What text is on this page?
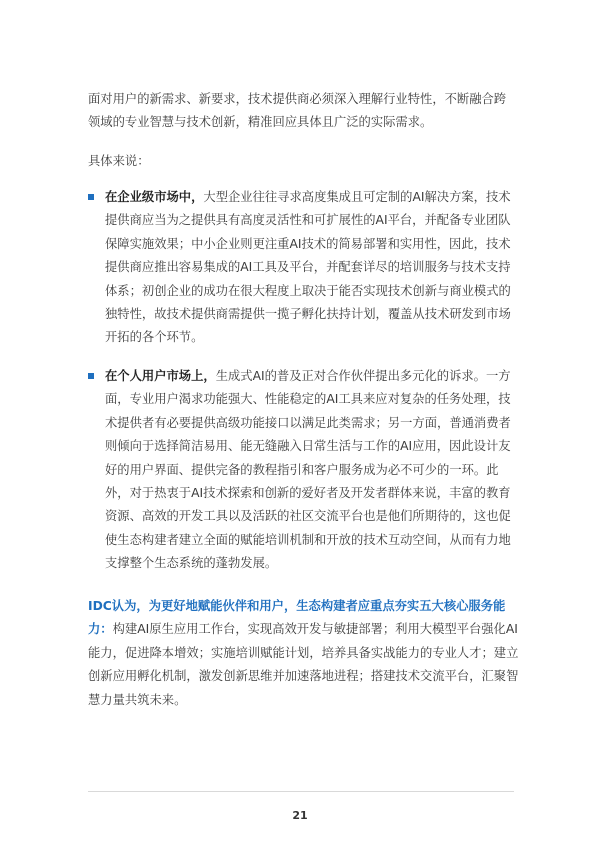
面对用户的新需求、新要求，技术提供商必须深入理解行业特性，不断融合跨领域的专业智慧与技术创新，精准回应具体且广泛的实际需求。

具体来说：

在企业级市场中，大型企业往往寻求高度集成且可定制的AI解决方案，技术提供商应当为之提供具有高度灵活性和可扩展性的AI平台，并配备专业团队保障实施效果；中小企业则更注重AI技术的简易部署和实用性，因此，技术提供商应推出容易集成的AI工具及平台，并配套详尽的培训服务与技术支持体系；初创企业的成功在很大程度上取决于能否实现技术创新与商业模式的独特性，故技术提供商需提供一揽子孵化扶持计划，覆盖从技术研发到市场开拓的各个环节。

在个人用户市场上，生成式AI的普及正对合作伙伴提出多元化的诉求。一方面，专业用户渴求功能强大、性能稳定的AI工具来应对复杂的任务处理，技术提供者有必要提供高级功能接口以满足此类需求；另一方面，普通消费者则倾向于选择简洁易用、能无缝融入日常生活与工作的AI应用，因此设计友好的用户界面、提供完备的教程指引和客户服务成为必不可少的一环。此外，对于热衷于AI技术探索和创新的爱好者及开发者群体来说，丰富的教育资源、高效的开发工具以及活跃的社区交流平台也是他们所期待的，这也促使生态构建者建立全面的赋能培训机制和开放的技术互动空间，从而有力地支撑整个生态系统的蓬勃发展。

IDC认为，为更好地赋能伙伴和用户，生态构建者应重点夯实五大核心服务能力：构建AI原生应用工作台，实现高效开发与敏捷部署；利用大模型平台强化AI能力，促进降本增效；实施培训赋能计划，培养具备实战能力的专业人才；建立创新应用孵化机制，激发创新思维并加速落地进程；搭建技术交流平台，汇聚智慧力量共筑未来。

21
